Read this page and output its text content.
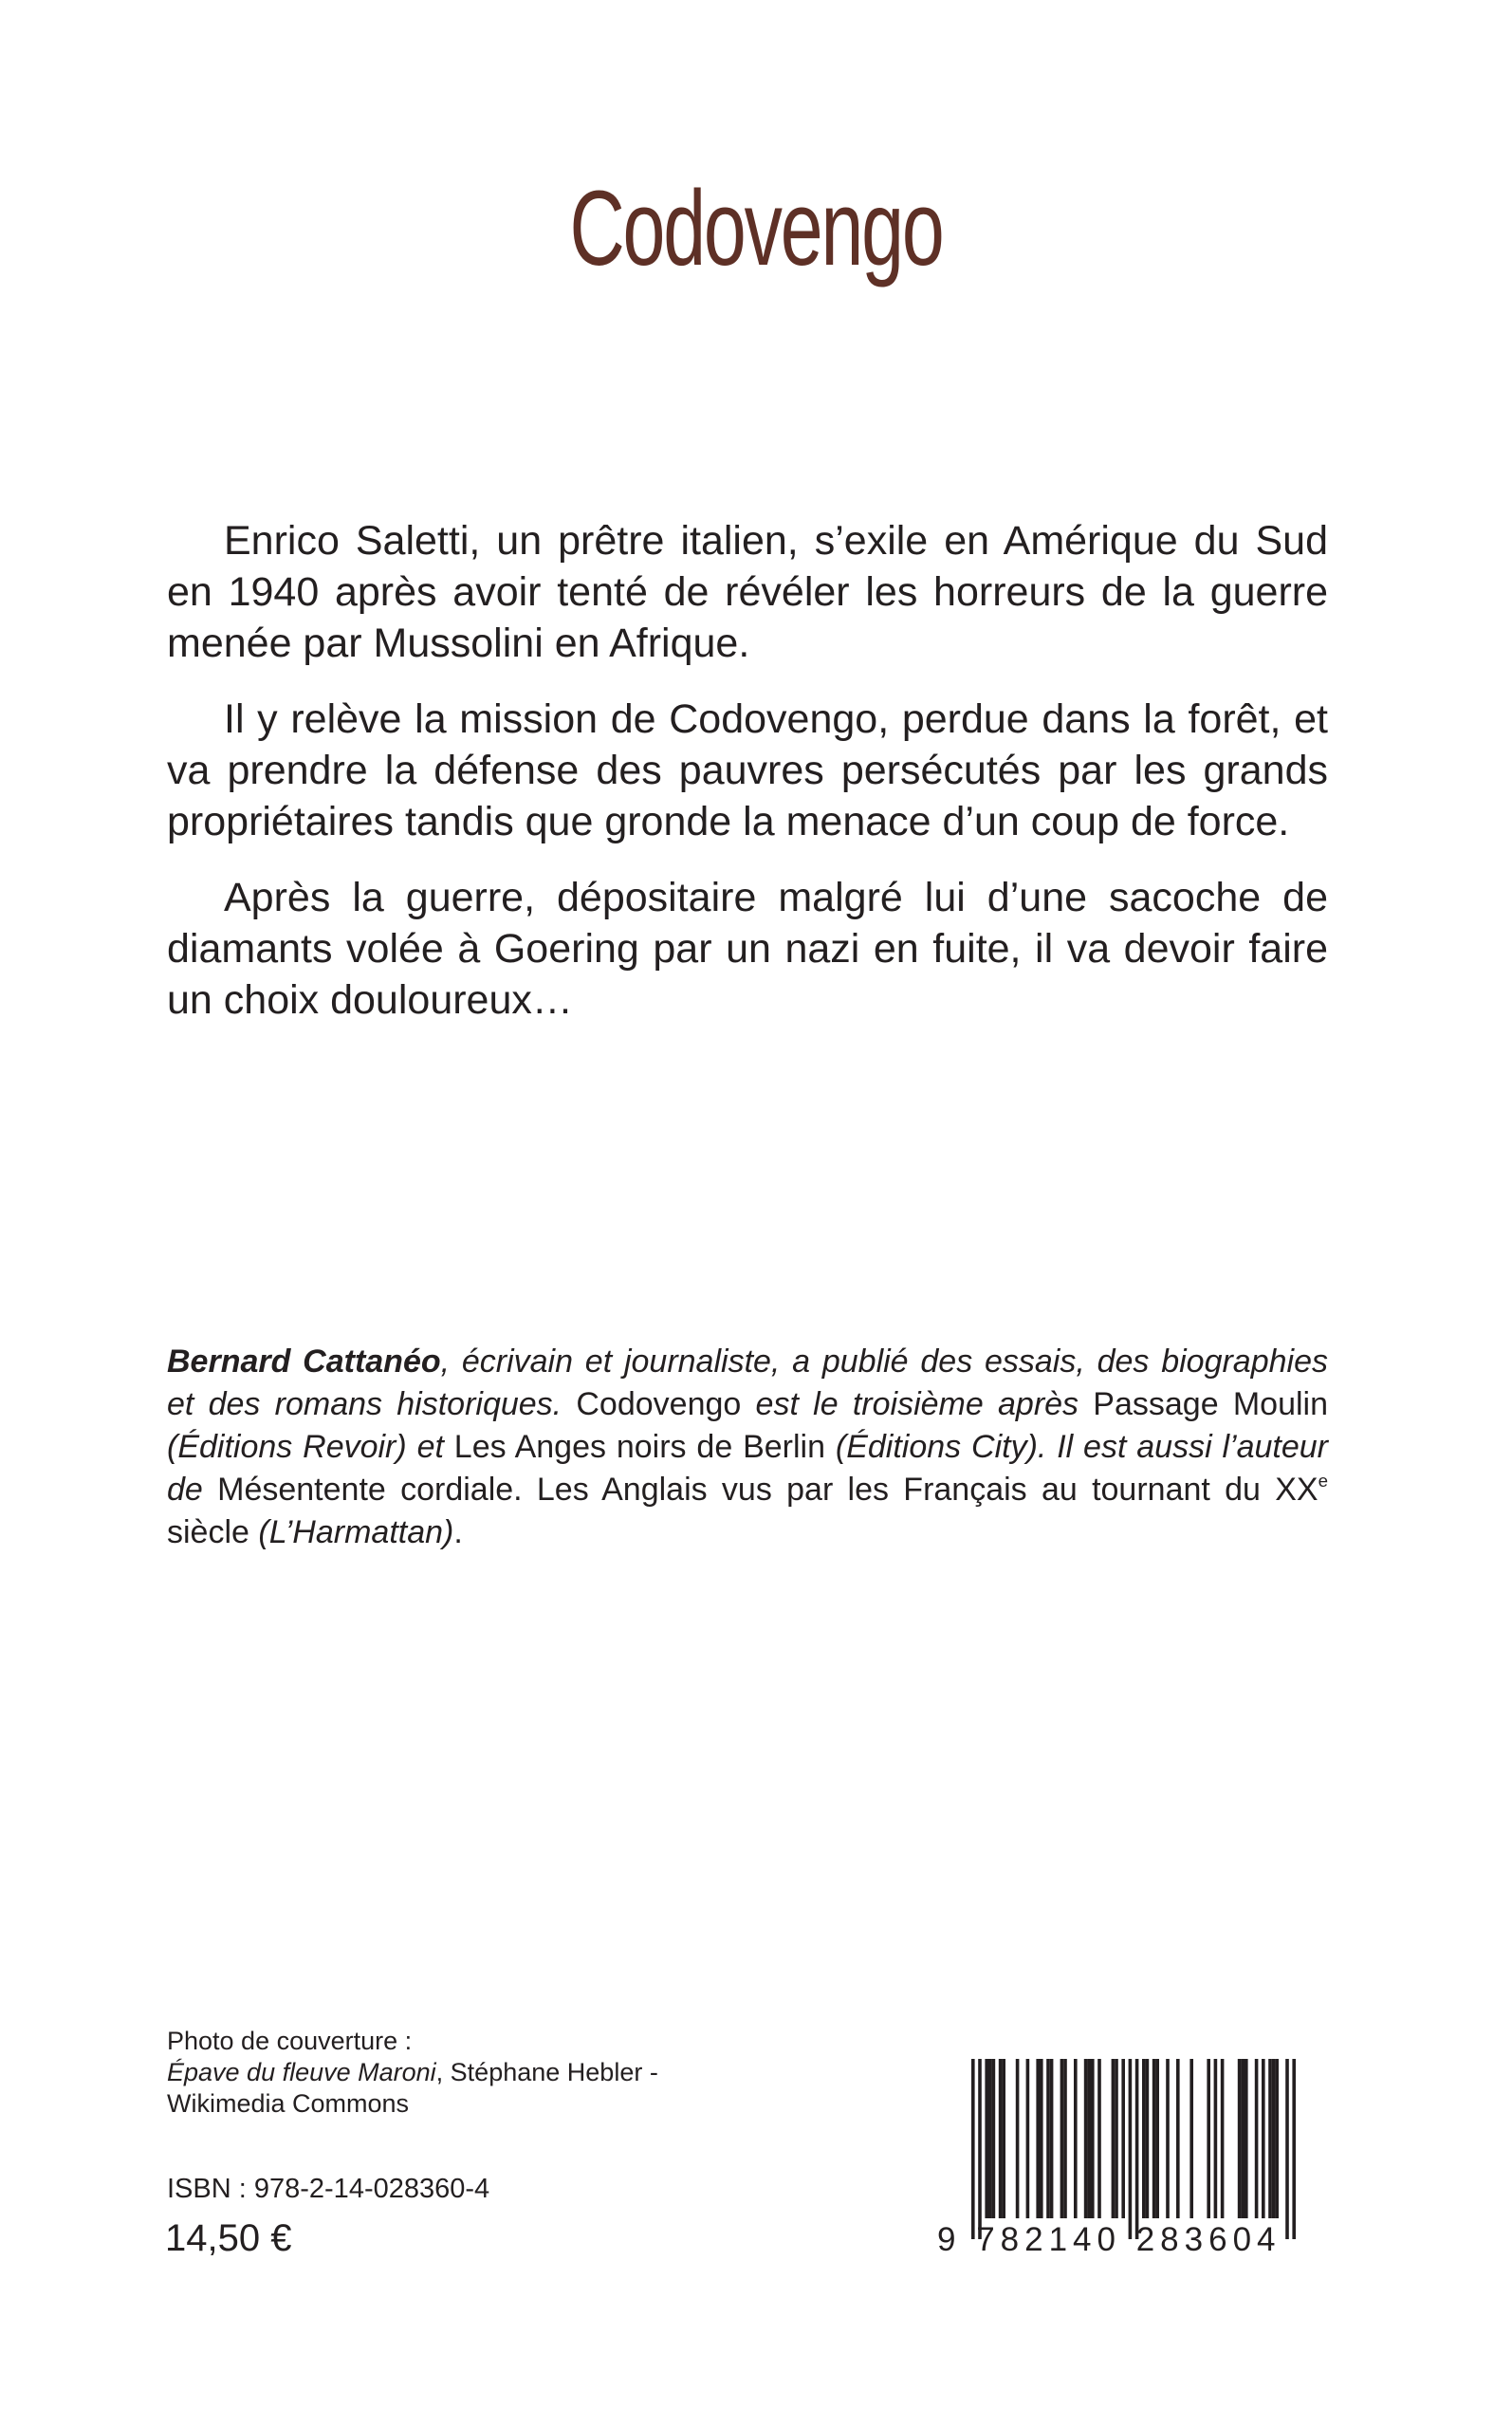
Codovengo

Enrico Saletti, un prêtre italien, s’exile en Amérique du Sud en 1940 après avoir tenté de révéler les horreurs de la guerre menée par Mussolini en Afrique.

Il y relève la mission de Codovengo, perdue dans la forêt, et va prendre la défense des pauvres persécutés par les grands propriétaires tandis que gronde la menace d’un coup de force.

Après la guerre, dépositaire malgré lui d’une sacoche de diamants volée à Goering par un nazi en fuite, il va devoir faire un choix douloureux…

Bernard Cattanéo, écrivain et journaliste, a publié des essais, des biographies et des romans historiques. Codovengo est le troisième après Passage Moulin (Éditions Revoir) et Les Anges noirs de Berlin (Éditions City). Il est aussi l’auteur de Mésentente cordiale. Les Anglais vus par les Français au tournant du XXe siècle (L’Harmattan).

Photo de couverture :
Épave du fleuve Maroni, Stéphane Hebler -
Wikimedia Commons
ISBN : 978-2-14-028360-4
14,50 €	9 782140 283604
